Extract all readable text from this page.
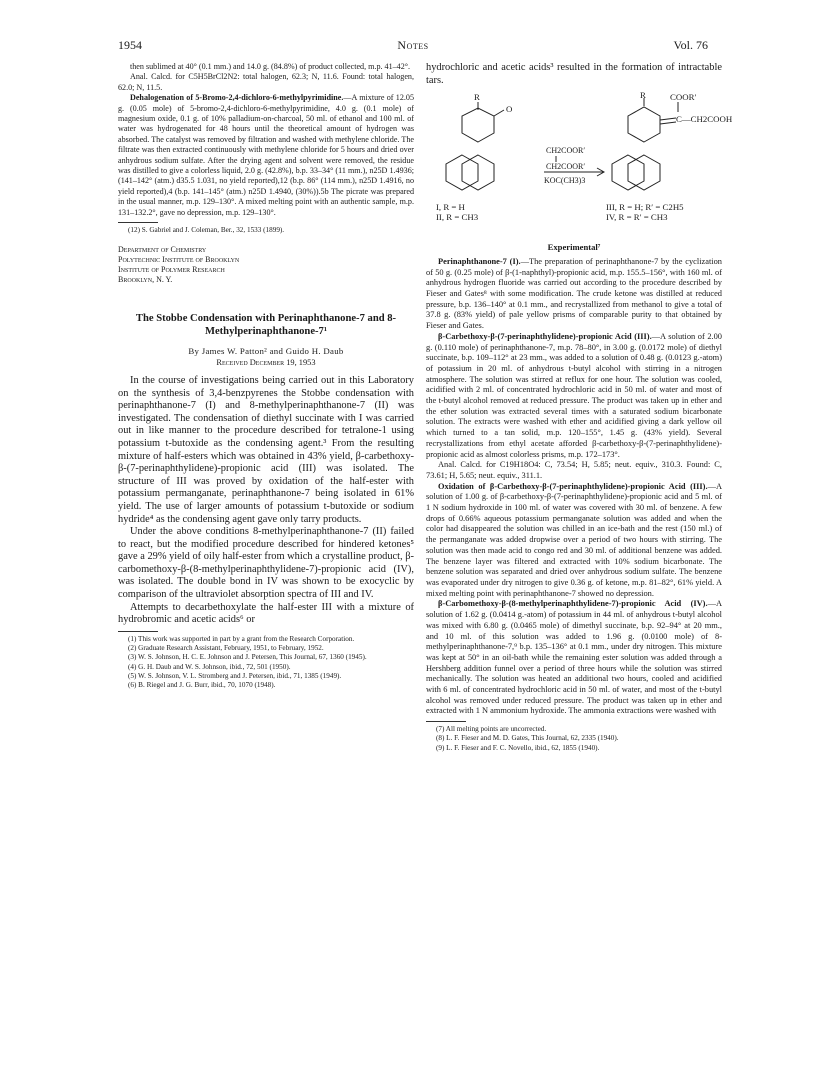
1954	Notes	Vol. 76

then sublimed at 40° (0.1 mm.) and 14.0 g. (84.8%) of product collected, m.p. 41–42°.

Anal. Calcd. for C5H5BrCl2N2: total halogen, 62.3; N, 11.6. Found: total halogen, 62.0; N, 11.5.

Dehalogenation of 5-Bromo-2,4-dichloro-6-methylpyrimidine.—A mixture of 12.05 g. (0.05 mole) of 5-bromo-2,4-dichloro-6-methylpyrimidine, 4.0 g. (0.1 mole) of magnesium oxide, 0.1 g. of 10% palladium-on-charcoal, 50 ml. of ethanol and 100 ml. of water was hydrogenated for 48 hours until the theoretical amount of hydrogen was absorbed. The catalyst was removed by filtration and washed with methylene chloride. The filtrate was then extracted continuously with methylene chloride for 5 hours and dried over anhydrous sodium sulfate. After the drying agent and solvent were removed, the residue was distilled to give a colorless liquid, 2.0 g. (42.8%), b.p. 33–34° (11 mm.), n25D 1.4936; (141–142° (atm.) d35.5 1.031, no yield reported),12 (b.p. 86° (114 mm.), n25D 1.4916, no yield reported),4 (b.p. 141–145° (atm.) n25D 1.4940, (30%)).5b The picrate was prepared in the usual manner, m.p. 129–130°. A mixed melting point with an authentic sample, m.p. 131–132.2°, gave no depression, m.p. 129–130°.

(12) S. Gabriel and J. Coleman, Ber., 32, 1533 (1899).

Department of Chemistry
Polytechnic Institute of Brooklyn
Institute of Polymer Research
Brooklyn, N. Y.
The Stobbe Condensation with Perinaphthanone-7 and 8-Methylperinaphthanone-7¹
By James W. Patton² and Guido H. Daub
Received December 19, 1953

In the course of investigations being carried out in this Laboratory on the synthesis of 3,4-benzpyrenes the Stobbe condensation with perinaphthanone-7 (I) and 8-methylperinaphthanone-7 (II) was investigated. The condensation of diethyl succinate with I was carried out in like manner to the procedure described for tetralone-1 using potassium t-butoxide as the condensing agent.³ From the resulting mixture of half-esters which was obtained in 43% yield, β-carbethoxy-β-(7-perinaphthylidene)-propionic acid (III) was isolated. The structure of III was proved by oxidation of the half-ester with potassium permanganate, perinaphthanone-7 being isolated in 61% yield. The use of larger amounts of potassium t-butoxide or sodium hydride⁴ as the condensing agent gave only tarry products.

Under the above conditions 8-methylperinaphthanone-7 (II) failed to react, but the modified procedure described for hindered ketones⁵ gave a 29% yield of oily half-ester from which a crystalline product, β-carbomethoxy-β-(8-methylperinaphthylidene-7)-propionic acid (IV), was isolated. The double bond in IV was shown to be exocyclic by comparison of the ultraviolet absorption spectra of III and IV.

Attempts to decarbethoxylate the half-ester III with a mixture of hydrobromic and acetic acids⁶ or

(1) This work was supported in part by a grant from the Research Corporation.

(2) Graduate Research Assistant, February, 1951, to February, 1952.

(3) W. S. Johnson, H. C. E. Johnson and J. Petersen, This Journal, 67, 1360 (1945).

(4) G. H. Daub and W. S. Johnson, ibid., 72, 501 (1950).

(5) W. S. Johnson, V. L. Stromberg and J. Petersen, ibid., 71, 1385 (1949).

(6) B. Riegel and J. G. Burr, ibid., 70, 1070 (1948).

hydrochloric and acetic acids³ resulted in the formation of intractable tars.

R
O
R	COOR′
C—CH2COOH
CH2COOR′
CH2COOR′
KOC(CH3)3
I, R = H
II, R = CH3
III, R = H; R′ = C2H5
IV, R = R′ = CH3
Experimental⁷

Perinaphthanone-7 (I).—The preparation of perinaphthanone-7 by the cyclization of 50 g. (0.25 mole) of β-(1-naphthyl)-propionic acid, m.p. 155.5–156°, with 160 ml. of anhydrous hydrogen fluoride was carried out according to the procedure described by Fieser and Gates⁸ with some modification. The crude ketone was distilled at reduced pressure, b.p. 136–140° at 0.1 mm., and recrystallized from methanol to give a total of 37.8 g. (83% yield) of pale yellow prisms of comparable purity to that obtained by Fieser and Gates.

β-Carbethoxy-β-(7-perinaphthylidene)-propionic Acid (III).—A solution of 2.00 g. (0.110 mole) of perinaphthanone-7, m.p. 78–80°, in 3.00 g. (0.0172 mole) of diethyl succinate, b.p. 109–112° at 23 mm., was added to a solution of 0.48 g. (0.0123 g.-atom) of potassium in 20 ml. of anhydrous t-butyl alcohol with stirring in a nitrogen atmosphere. The solution was stirred at reflux for one hour. The solution was cooled, acidified with 2 ml. of concentrated hydrochloric acid in 50 ml. of water and most of the t-butyl alcohol removed at reduced pressure. The product was taken up in ether and the ether solution was extracted several times with a saturated sodium bicarbonate solution. The extracts were washed with ether and acidified giving a dark yellow oil which turned to a tan solid, m.p. 120–155°, 1.45 g. (43% yield). Several recrystallizations from ethyl acetate afforded β-carbethoxy-β-(7-perinaphthylidene)-propionic acid as almost colorless prisms, m.p. 172–173°.

Anal. Calcd. for C19H18O4: C, 73.54; H, 5.85; neut. equiv., 310.3. Found: C, 73.61; H, 5.65; neut. equiv., 311.1.

Oxidation of β-Carbethoxy-β-(7-perinaphthylidene)-propionic Acid (III).—A solution of 1.00 g. of β-carbethoxy-β-(7-perinaphthylidene)-propionic acid and 5 ml. of 1 N sodium hydroxide in 100 ml. of water was covered with 30 ml. of benzene. A few drops of 0.66% aqueous potassium permanganate solution was added and when the color had disappeared the solution was chilled in an ice-bath and the rest (150 ml.) of the permanganate was added dropwise over a period of two hours with stirring. The solution was then made acid to congo red and 30 ml. of additional benzene was added. The benzene layer was filtered and extracted with 10% sodium bicarbonate. The benzene solution was separated and dried over anhydrous sodium sulfate. The benzene was evaporated under dry nitrogen to give 0.36 g. of ketone, m.p. 81–82°, 61% yield. A mixed melting point with perinaphthanone-7 showed no depression.

β-Carbomethoxy-β-(8-methylperinaphthylidene-7)-propionic Acid (IV).—A solution of 1.62 g. (0.0414 g.-atom) of potassium in 44 ml. of anhydrous t-butyl alcohol was mixed with 6.80 g. (0.0465 mole) of dimethyl succinate, b.p. 92–94° at 20 mm., and 10 ml. of this solution was added to 1.96 g. (0.0100 mole) of 8-methylperinaphthanone-7,⁹ b.p. 135–136° at 0.1 mm., under dry nitrogen. This mixture was kept at 50° in an oil-bath while the remaining ester solution was added through a Hershberg addition funnel over a period of three hours while the solution was stirred mechanically. The solution was heated an additional two hours, cooled and acidified with 6 ml. of concentrated hydrochloric acid in 50 ml. of water, and most of the t-butyl alcohol was removed under reduced pressure. The product was taken up in ether and extracted with 1 N ammonium hydroxide. The ammonia extractions were washed with

(7) All melting points are uncorrected.

(8) L. F. Fieser and M. D. Gates, This Journal, 62, 2335 (1940).

(9) L. F. Fieser and F. C. Novello, ibid., 62, 1855 (1940).
